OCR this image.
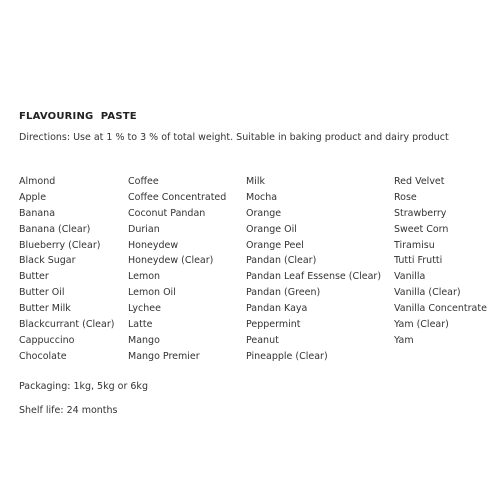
FLAVOURING  PASTE
Directions: Use at 1 % to 3 % of total weight. Suitable in baking product and dairy product
Almond
Apple
Banana
Banana (Clear)
Blueberry (Clear)
Black Sugar
Butter
Butter Oil
Butter Milk
Blackcurrant (Clear)
Cappuccino
Chocolate
Coffee
Coffee Concentrated
Coconut Pandan
Durian
Honeydew
Honeydew (Clear)
Lemon
Lemon Oil
Lychee
Latte
Mango
Mango Premier
Milk
Mocha
Orange
Orange Oil
Orange Peel
Pandan (Clear)
Pandan Leaf Essense (Clear)
Pandan (Green)
Pandan Kaya
Peppermint
Peanut
Pineapple (Clear)
Red Velvet
Rose
Strawberry
Sweet Corn
Tiramisu
Tutti Frutti
Vanilla
Vanilla (Clear)
Vanilla Concentrate
Yam (Clear)
Yam
Packaging: 1kg, 5kg or 6kg
Shelf life: 24 months
